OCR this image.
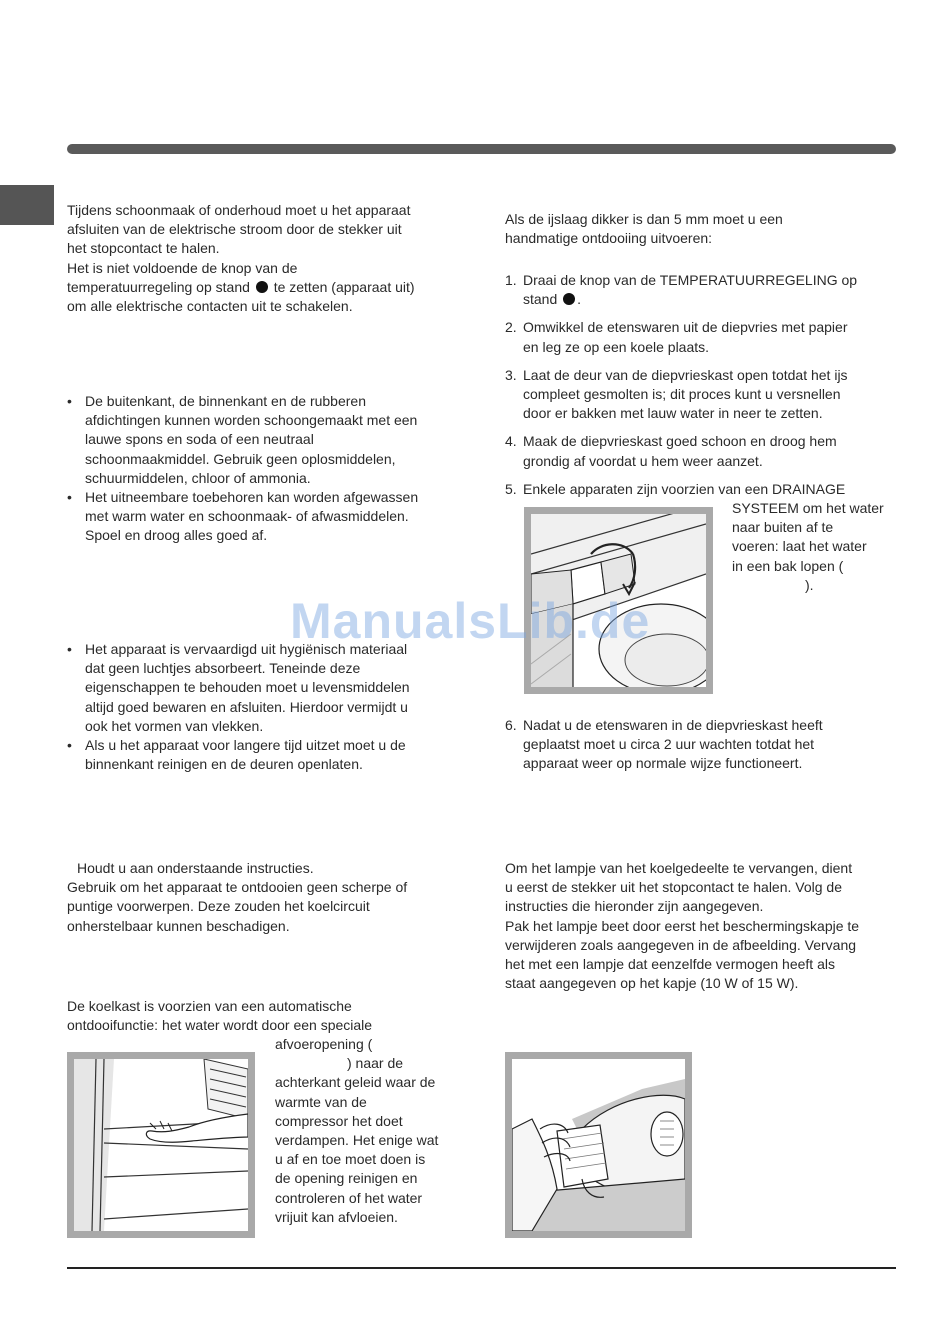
Tijdens schoonmaak of onderhoud moet u het apparaat
afsluiten van de elektrische stroom door de stekker uit
het stopcontact te halen.
Het is niet voldoende de knop van de
temperatuurregeling op stand te zetten (apparaat uit)
om alle elektrische contacten uit te schakelen.
• De buitenkant, de binnenkant en de rubberen
afdichtingen kunnen worden schoongemaakt met een
lauwe spons en soda of een neutraal
schoonmaakmiddel. Gebruik geen oplosmiddelen,
schuurmiddelen, chloor of ammonia.
• Het uitneembare toebehoren kan worden afgewassen
met warm water en schoonmaak- of afwasmiddelen.
Spoel en droog alles goed af.
• Het apparaat is vervaardigd uit hygiënisch materiaal
dat geen luchtjes absorbeert. Teneinde deze
eigenschappen te behouden moet u levensmiddelen
altijd goed bewaren en afsluiten. Hierdoor vermijdt u
ook het vormen van vlekken.
• Als u het apparaat voor langere tijd uitzet moet u de
binnenkant reinigen en de deuren openlaten.
Houdt u aan onderstaande instructies.
Gebruik om het apparaat te ontdooien geen scherpe of
puntige voorwerpen. Deze zouden het koelcircuit
onherstelbaar kunnen beschadigen.
De koelkast is voorzien van een automatische
ontdooifunctie: het water wordt door een speciale
afvoeropening (
) naar de
achterkant geleid waar de
warmte van de
compressor het doet
verdampen. Het enige wat
u af en toe moet doen is
de opening reinigen en
controleren of het water
vrijuit kan afvloeien.
Als de ijslaag dikker is dan 5 mm moet u een
handmatige ontdooiing uitvoeren:
1. Draai de knop van de TEMPERATUURREGELING op
stand .
2. Omwikkel de etenswaren uit de diepvries met papier
en leg ze op een koele plaats.
3. Laat de deur van de diepvrieskast open totdat het ijs
compleet gesmolten is; dit proces kunt u versnellen
door er bakken met lauw water in neer te zetten.
4. Maak de diepvrieskast goed schoon en droog hem
grondig af voordat u hem weer aanzet.
5. Enkele apparaten zijn voorzien van een DRAINAGE
SYSTEEM om het water
naar buiten af te
voeren: laat het water
in een bak lopen (
).
6. Nadat u de etenswaren in de diepvrieskast heeft
geplaatst moet u circa 2 uur wachten totdat het
apparaat weer op normale wijze functioneert.
Om het lampje van het koelgedeelte te vervangen, dient
u eerst de stekker uit het stopcontact te halen. Volg de
instructies die hieronder zijn aangegeven.
Pak het lampje beet door eerst het beschermingskapje te
verwijderen zoals aangegeven in de afbeelding. Vervang
het met een lampje dat eenzelfde vermogen heeft als
staat aangegeven op het kapje (10 W of 15 W).
ManualsLib.de
